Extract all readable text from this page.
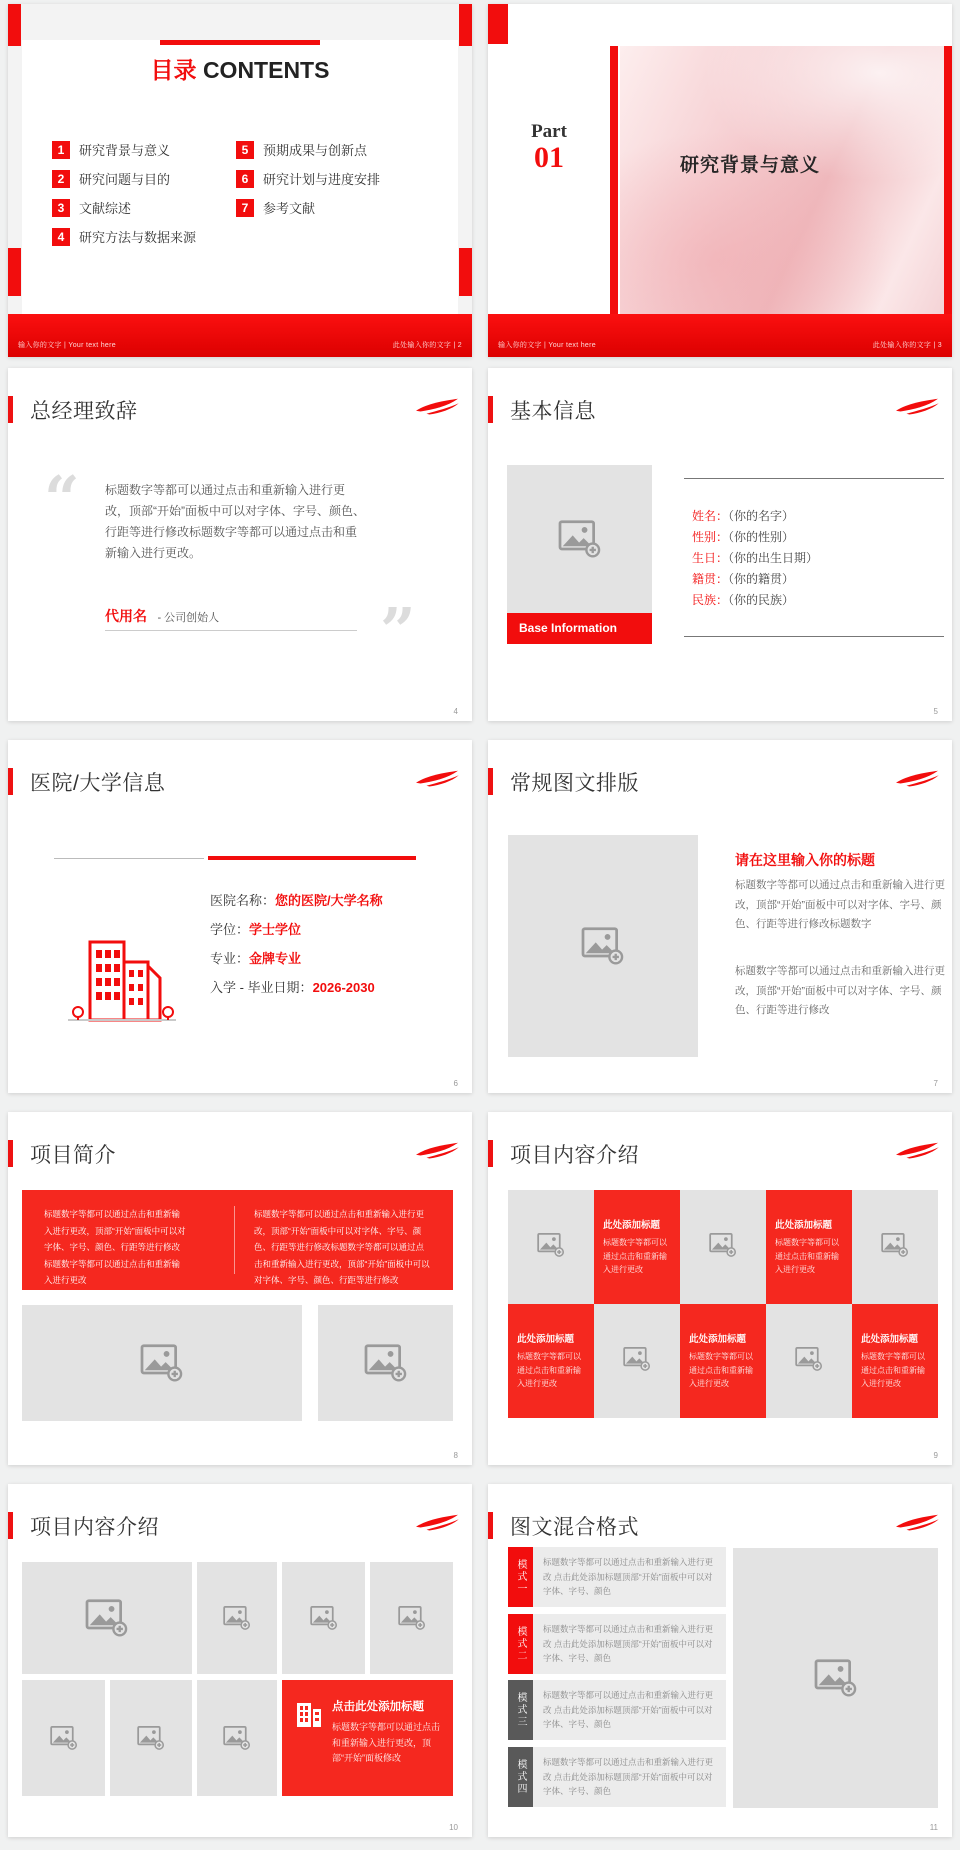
目录 CONTENTS
1	研究背景与意义
2	研究问题与目的
3	文献综述
4	研究方法与数据来源
5	预期成果与创新点
6	研究计划与进度安排
7	参考文献
输入你的文字 | Your text here	此处输入你的文字 | 2
Part
01	研究背景与意义
输入你的文字 | Your text here	此处输入你的文字 | 3
总经理致辞
“ 标题数字等都可以通过点击和重新输入进行更改，顶部“开始”面板中可以对字体、字号、颜色、行距等进行修改标题数字等都可以通过点击和重新输入进行更改。
代用名 - 公司创始人	”
4
基本信息
Base Information
姓名：（你的名字）
性别：（你的性别）
生日：（你的出生日期）
籍贯：（你的籍贯）
民族：（你的民族）
5
医院/大学信息
医院名称：您的医院/大学名称
学位：学士学位
专业：金牌专业
入学 - 毕业日期：2026-2030
6
常规图文排版
请在这里输入你的标题
标题数字等都可以通过点击和重新输入进行更改，顶部“开始”面板中可以对字体、字号、颜色、行距等进行修改标题数字
标题数字等都可以通过点击和重新输入进行更改，顶部“开始”面板中可以对字体、字号、颜色、行距等进行修改
7
项目简介
标题数字等都可以通过点击和重新输入进行更改，顶部“开始”面板中可以对字体、字号、颜色、行距等进行修改标题数字等都可以通过点击和重新输入进行更改
标题数字等都可以通过点击和重新输入进行更改，顶部“开始”面板中可以对字体、字号、颜色、行距等进行修改标题数字等都可以通过点击和重新输入进行更改，顶部“开始”面板中可以对字体、字号、颜色、行距等进行修改
8
项目内容介绍
此处添加标题
标题数字等都可以通过点击和重新输入进行更改
此处添加标题
标题数字等都可以通过点击和重新输入进行更改
此处添加标题
标题数字等都可以通过点击和重新输入进行更改
此处添加标题
标题数字等都可以通过点击和重新输入进行更改
此处添加标题
标题数字等都可以通过点击和重新输入进行更改
9
项目内容介绍
点击此处添加标题
标题数字等都可以通过点击和重新输入进行更改，顶部“开始”面板修改
10
图文混合格式
模式一	标题数字等都可以通过点击和重新输入进行更改 点击此处添加标题顶部“开始”面板中可以对字体、字号、颜色
模式二	标题数字等都可以通过点击和重新输入进行更改 点击此处添加标题顶部“开始”面板中可以对字体、字号、颜色
模式三	标题数字等都可以通过点击和重新输入进行更改 点击此处添加标题顶部“开始”面板中可以对字体、字号、颜色
模式四	标题数字等都可以通过点击和重新输入进行更改 点击此处添加标题顶部“开始”面板中可以对字体、字号、颜色
11
